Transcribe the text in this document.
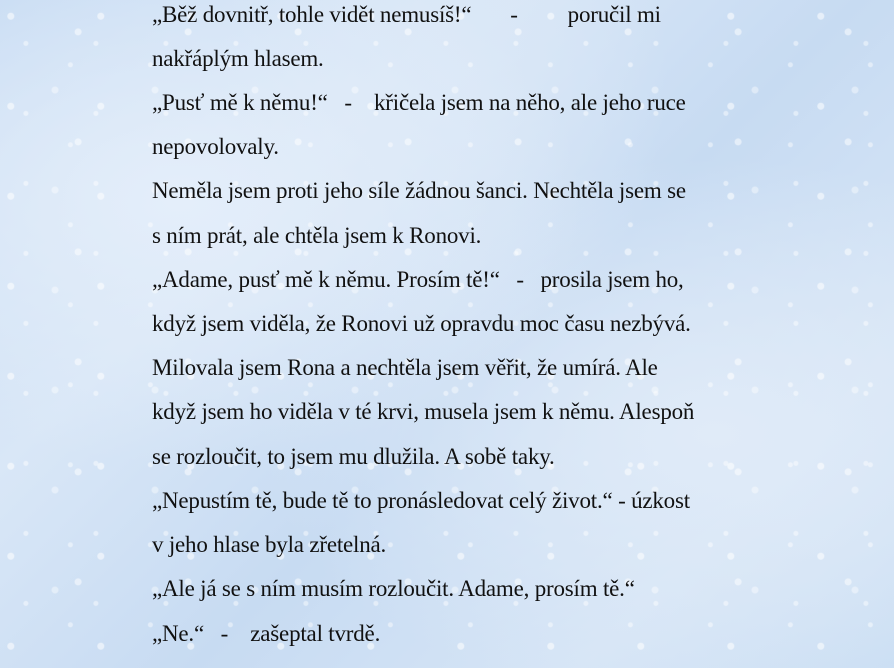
„Běž dovnitř, tohle vidět nemusíš!“       -         poručil mi
nakřáplým hlasem.
„Pusť mě k němu!“   -    křičela jsem na něho, ale jeho ruce
nepovolovaly.
Neměla jsem proti jeho síle žádnou šanci. Nechtěla jsem se
s ním prát, ale chtěla jsem k Ronovi.
„Adame, pusť mě k němu. Prosím tě!“   -   prosila jsem ho,
když jsem viděla, že Ronovi už opravdu moc času nezbývá.
Milovala jsem Rona a nechtěla jsem věřit, že umírá. Ale
když jsem ho viděla v té krvi, musela jsem k němu. Alespoň
se rozloučit, to jsem mu dlužila. A sobě taky.
„Nepustím tě, bude tě to pronásledovat celý život.“ - úzkost
v jeho hlase byla zřetelná.
„Ale já se s ním musím rozloučit. Adame, prosím tě.“
„Ne.“   -    zašeptal tvrdě.
